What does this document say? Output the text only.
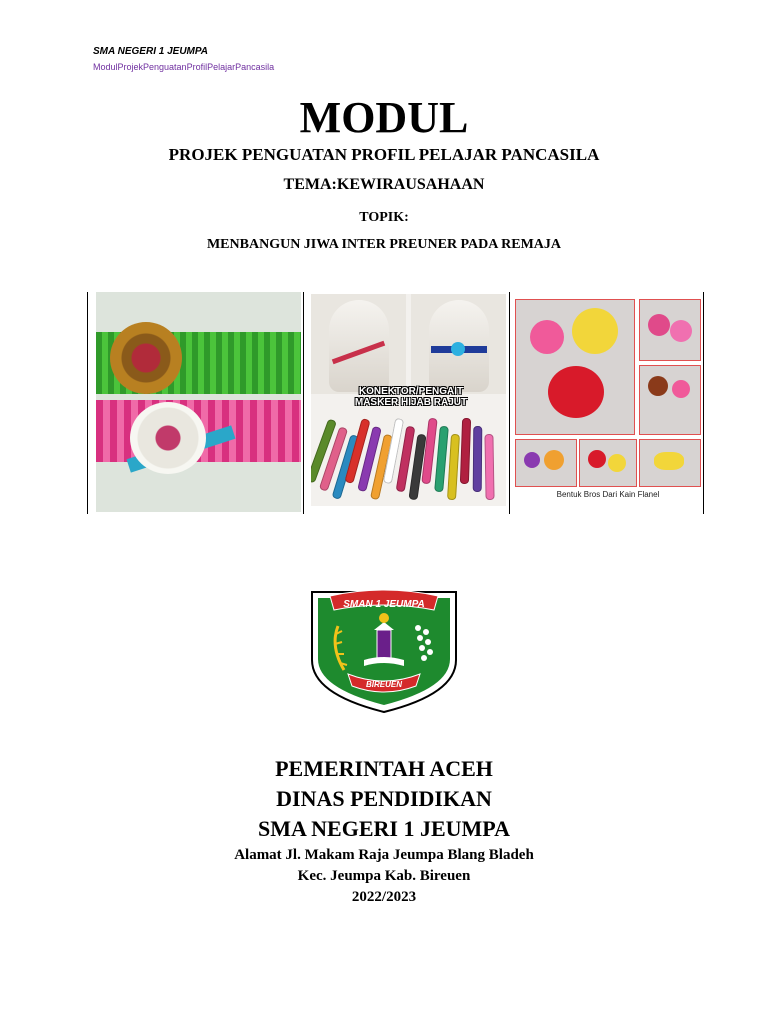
SMA NEGERI 1 JEUMPA
ModulProjekPenguatanProfilPelajarPancasila
MODUL
PROJEK PENGUATAN PROFIL PELAJAR PANCASILA
TEMA:KEWIRAUSAHAAN
TOPIK:
MENBANGUN JIWA INTER PREUNER PADA REMAJA
KONEKTOR/PENGAIT
MASKER HIJAB RAJUT
Bentuk Bros Dari Kain Flanel
SMAN 1 JEUMPA
BIREUEN
PEMERINTAH ACEH
DINAS PENDIDIKAN
SMA NEGERI 1 JEUMPA
Alamat Jl. Makam Raja Jeumpa Blang Bladeh
Kec. Jeumpa Kab. Bireuen
2022/2023
